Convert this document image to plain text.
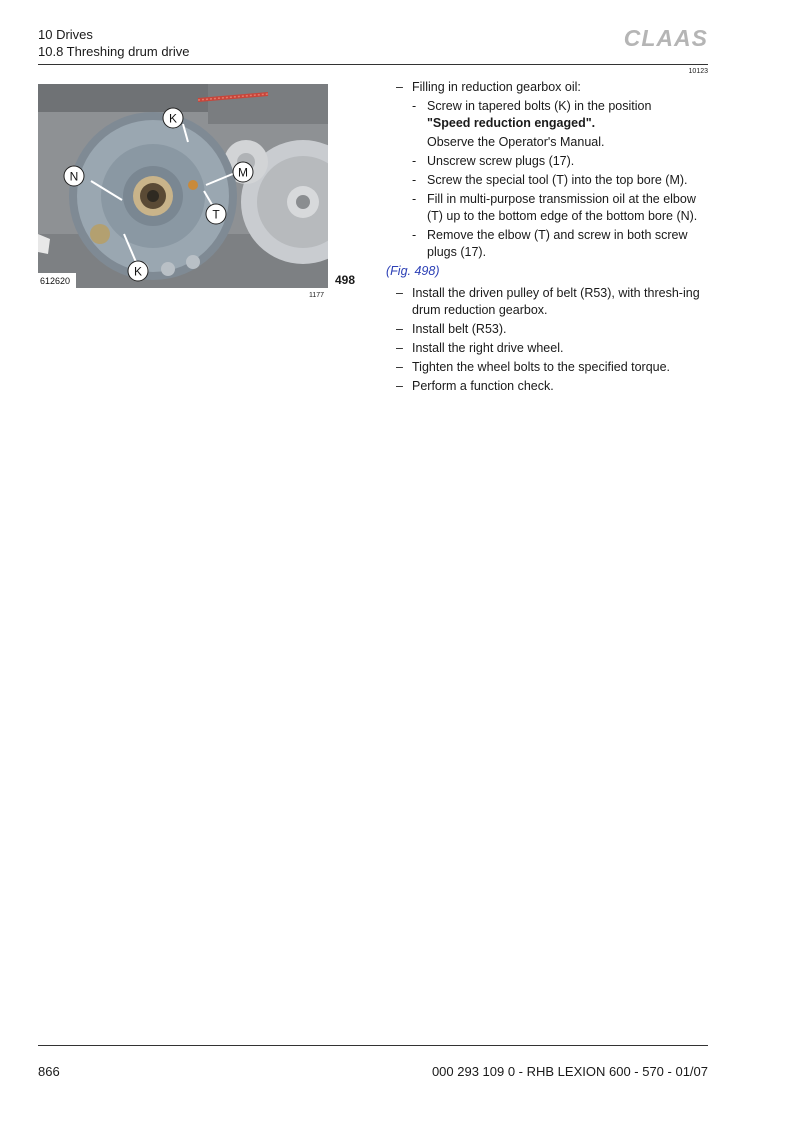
10 Drives
10.8 Threshing drum drive
CLAAS
10123
K
N	M
T
K
612620	498
1177
– Filling in reduction gearbox oil:
- Screw in tapered bolts (K) in the position
"Speed reduction engaged".
Observe the Operator's Manual.
- Unscrew screw plugs (17).
- Screw the special tool (T) into the top bore (M).
- Fill in multi-purpose transmission oil at the elbow (T) up to the bottom edge of the bottom bore (N).
- Remove the elbow (T) and screw in both screw plugs (17).
(Fig. 498)
– Install the driven pulley of belt (R53), with thresh-ing drum reduction gearbox.
– Install belt (R53).
– Install the right drive wheel.
– Tighten the wheel bolts to the specified torque.
– Perform a function check.
866	000 293 109 0 - RHB LEXION 600 - 570 - 01/07
